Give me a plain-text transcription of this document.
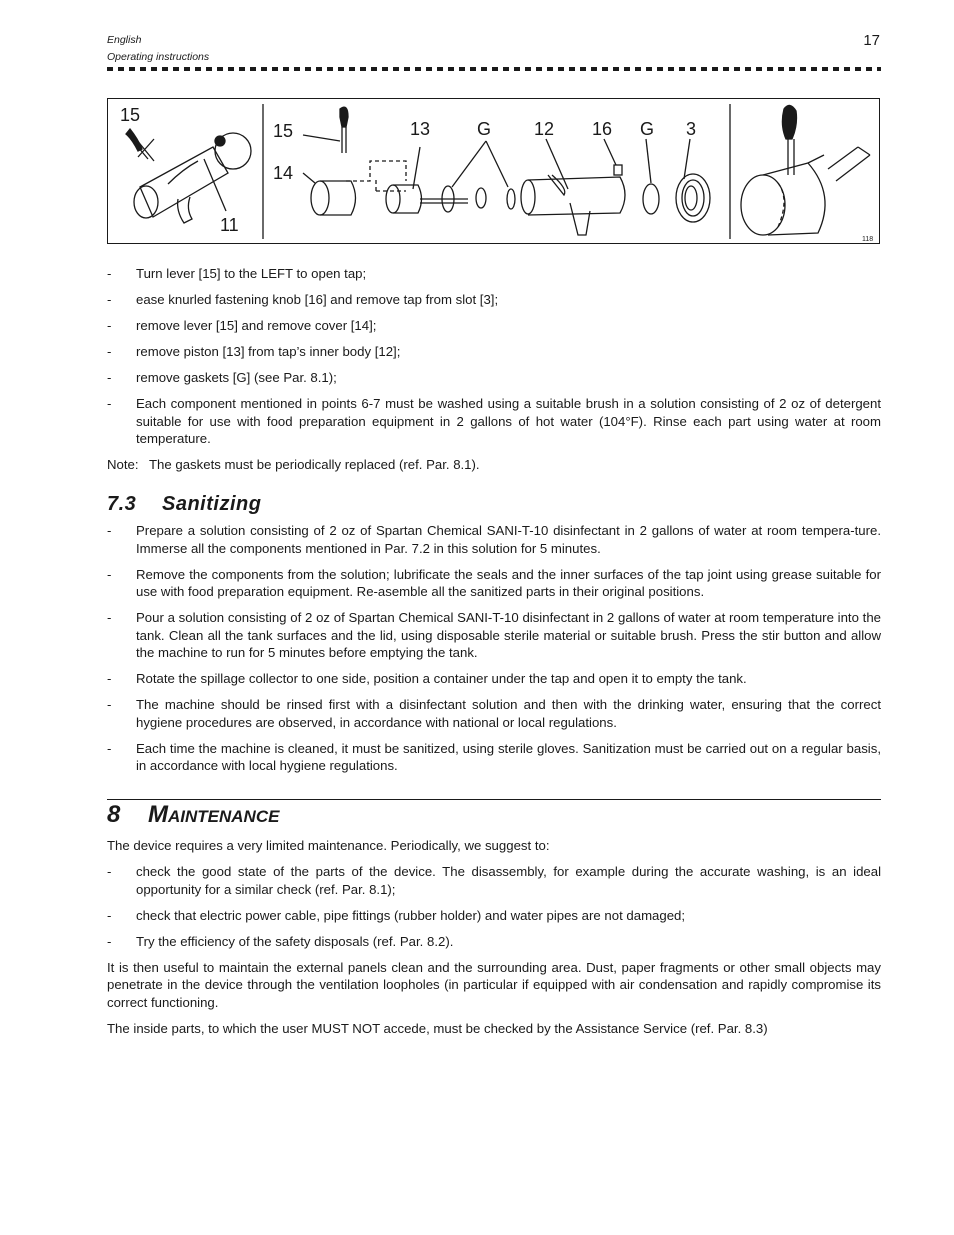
English
Operating instructions
17
15
11
15
14
13	G 12 16 G 3
118
- Turn lever [15] to the LEFT to open tap;
- ease knurled fastening knob [16] and remove tap from slot [3];
- remove lever [15] and remove cover [14];
- remove piston [13] from tap’s inner body [12];
- remove gaskets [G] (see Par. 8.1);
- Each component mentioned in points 6-7 must be washed using a suitable brush in a solution consisting of 2 oz of detergent suitable for use with food preparation equipment in 2 gallons of hot water (104°F). Rinse each part using water at room temperature.

Note: The gaskets must be periodically replaced (ref. Par. 8.1).

7.3 Sanitizing
- Prepare a solution consisting of 2 oz of Spartan Chemical SANI-T-10 disinfectant in 2 gallons of water at room tempera-ture. Immerse all the components mentioned in Par. 7.2 in this solution for 5 minutes.
- Remove the components from the solution; lubrificate the seals and the inner surfaces of the tap joint using grease suitable for use with food preparation equipment. Re-asemble all the sanitized parts in their original positions.
- Pour a solution consisting of 2 oz of Spartan Chemical SANI-T-10 disinfectant in 2 gallons of water at room temperature into the tank. Clean all the tank surfaces and the lid, using disposable sterile material or suitable brush. Press the stir button and allow the machine to run for 5 minutes before emptying the tank.
- Rotate the spillage collector to one side, position a container under the tap and open it to empty the tank.
- The machine should be rinsed first with a disinfectant solution and then with the drinking water, ensuring that the correct hygiene procedures are observed, in accordance with national or local regulations.
- Each time the machine is cleaned, it must be sanitized, using sterile gloves. Sanitization must be carried out on a regular basis, in accordance with local hygiene regulations.
8 MAINTENANCE

The device requires a very limited maintenance. Periodically, we suggest to:

- check the good state of the parts of the device. The disassembly, for example during the accurate washing, is an ideal opportunity for a similar check (ref. Par. 8.1);
- check that electric power cable, pipe fittings (rubber holder) and water pipes are not damaged;
- Try the efficiency of the safety disposals (ref. Par. 8.2).

It is then useful to maintain the external panels clean and the surrounding area. Dust, paper fragments or other small objects may penetrate in the device through the ventilation loopholes (in particular if equipped with air condensation and rapidly compromise its correct functioning.

The inside parts, to which the user MUST NOT accede, must be checked by the Assistance Service (ref. Par. 8.3)
